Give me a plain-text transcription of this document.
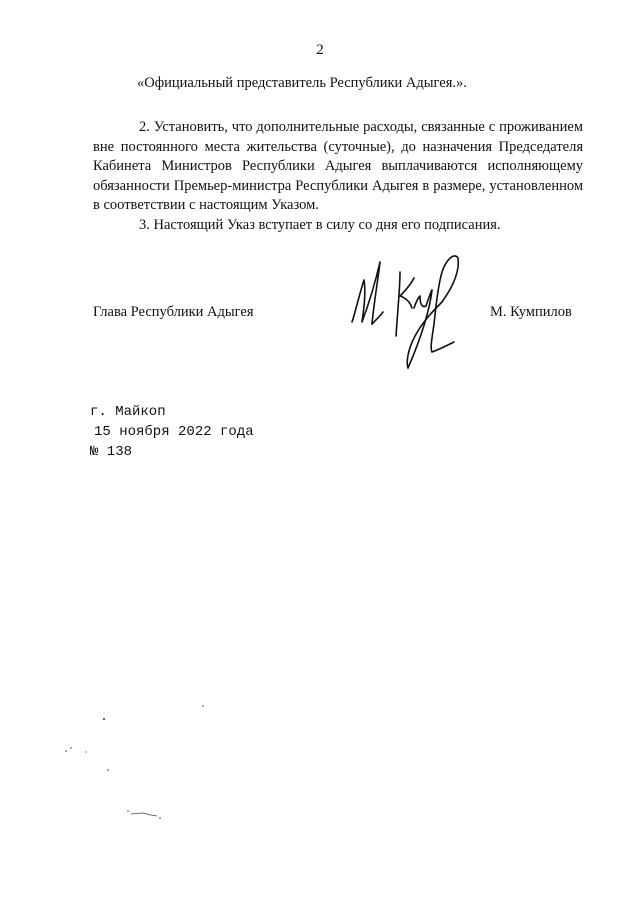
2
«Официальный представитель Республики Адыгея.».
2. Установить, что дополнительные расходы, связанные с проживанием вне постоянного места жительства (суточные), до назначения Председателя Кабинета Министров Республики Адыгея выплачиваются исполняющему обязанности Премьер-министра Республики Адыгея в размере, установленном в соответствии с настоящим Указом.
3. Настоящий Указ вступает в силу со дня его подписания.
Глава Республики Адыгея	М. Кумпилов
г. Майкоп
15 ноября 2022 года
№ 138
